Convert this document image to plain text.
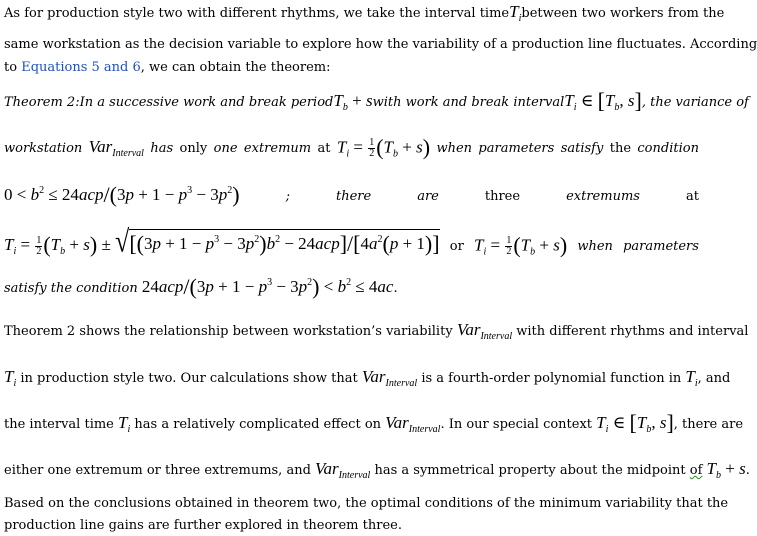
As for production style two with different rhythms, we take the interval time $T_i$ between two workers from the
same workstation as the decision variable to explore how the variability of a production line fluctuates. According
to Equations 5 and 6, we can obtain the theorem:
Theorem 2: In a successive work and break period $T_b + s$ with work and break interval $T_i$ ∈ [$T_b$, s] , the variance of
workstation Var$_{Interval}$ has only one extremum at $T_i = \frac{1}{2} (T_b + s)$ when parameters satisfy the condition
$0 < b^2 \le 24acp/(3p + 1 - p^3 - 3p^2)$	;	there	are	three	extremums	at
$T_i = \frac{1}{2} (T_b + s)$ ± √ $[(3p + 1 - p^3 - 3p^2)b^2 - 24acp]/[4a^2(p + 1)]$ or $T_i = \frac{1}{2} (T_b + s)$ when parameters
satisfy the condition $24acp/(3p + 1 - p^3 - 3p^2) < b^2 \le 4ac$.
Theorem 2 shows the relationship between workstation’s variability Var$_{Interval}$ with different rhythms and interval
$T_i$ in production style two. Our calculations show that Var$_{Interval}$ is a fourth-order polynomial function in $T_i$, and
the interval time $T_i$ has a relatively complicated effect on Var$_{Interval}$. In our special context $T_i$ ∈ [$T_b$, s], there are
either one extremum or three extremums, and Var$_{Interval}$ has a symmetrical property about the midpoint of $T_b + s$.
Based on the conclusions obtained in theorem two, the optimal conditions of the minimum variability that the
production line gains are further explored in theorem three.
